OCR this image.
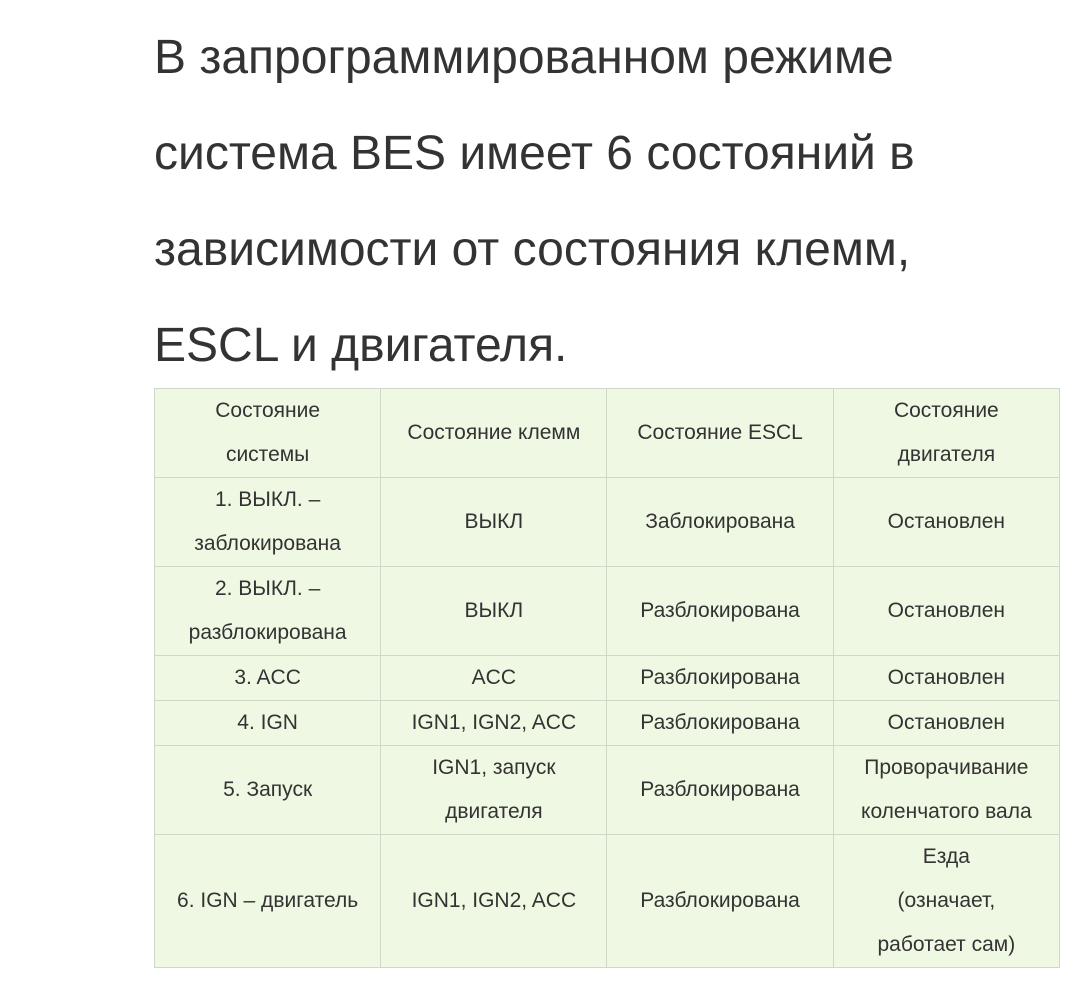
В запрограммированном режиме
система BES имеет 6 состояний в
зависимости от состояния клемм,
ESCL и двигателя.
Состояние
системы	Состояние клемм	Состояние ESCL	Состояние
двигателя

1. ВЫКЛ. –
заблокирована	ВЫКЛ	Заблокирована	Остановлен

2. ВЫКЛ. –
разблокирована	ВЫКЛ	Разблокирована	Остановлен

3. ACC	ACC	Разблокирована	Остановлен

4. IGN	IGN1, IGN2, ACC	Разблокирована	Остановлен

5. Запуск	IGN1, запуск
двигателя	Разблокирована	Проворачивание
коленчатого вала

6. IGN – двигатель	IGN1, IGN2, ACC	Разблокирована	Езда
(означает,
работает сам)
